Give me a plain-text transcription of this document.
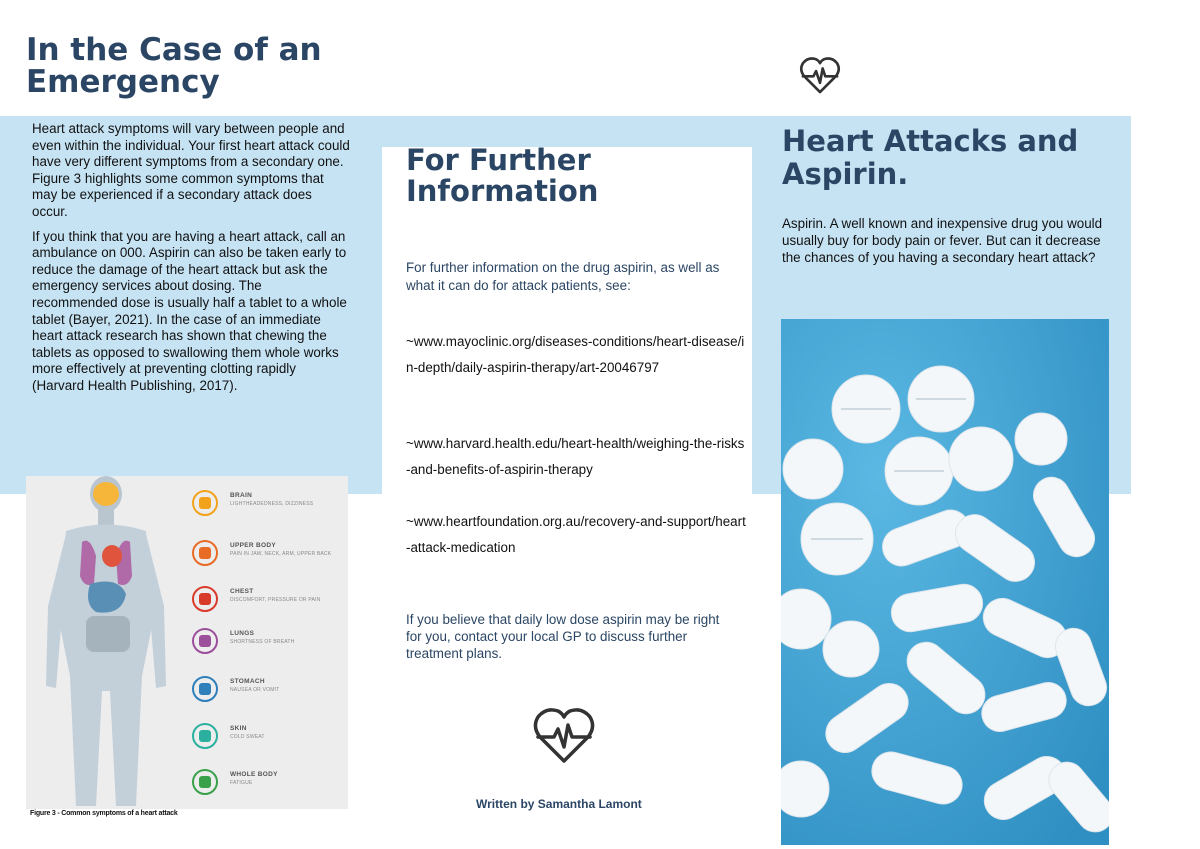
In the Case of an Emergency

Heart attack symptoms will vary between people and even within the individual. Your first heart attack could have very different symptoms from a secondary one. Figure 3 highlights some common symptoms that may be experienced if a secondary attack does occur.

If you think that you are having a heart attack, call an ambulance on 000. Aspirin can also be taken early to reduce the damage of the heart attack but ask the emergency services about dosing. The recommended dose is usually half a tablet to a whole tablet (Bayer, 2021). In the case of an immediate heart attack research has shown that chewing the tablets as opposed to swallowing them whole works more effectively at preventing clotting rapidly (Harvard Health Publishing, 2017).

BRAIN
LIGHTHEADEDNESS, DIZZINESS
UPPER BODY
PAIN IN JAW, NECK, ARM, UPPER BACK
CHEST
DISCOMFORT, PRESSURE OR PAIN
LUNGS
SHORTNESS OF BREATH
STOMACH
NAUSEA OR VOMIT
SKIN
COLD SWEAT
WHOLE BODY
FATIGUE
Figure 3 - Common symptoms of a heart attack
For Further Information

For further information on the drug aspirin, as well as what it can do for attack patients, see:

~www.mayoclinic.org/diseases-conditions/heart-disease/in-depth/daily-aspirin-therapy/art-20046797
~www.harvard.health.edu/heart-health/weighing-the-risks-and-benefits-of-aspirin-therapy
~www.heartfoundation.org.au/recovery-and-support/heart-attack-medication

If you believe that daily low dose aspirin may be right for you, contact your local GP to discuss further treatment plans.

Written by Samantha Lamont
Heart Attacks and Aspirin.

Aspirin. A well known and inexpensive drug you would usually buy for body pain or fever. But can it decrease the chances of you having a secondary heart attack?
